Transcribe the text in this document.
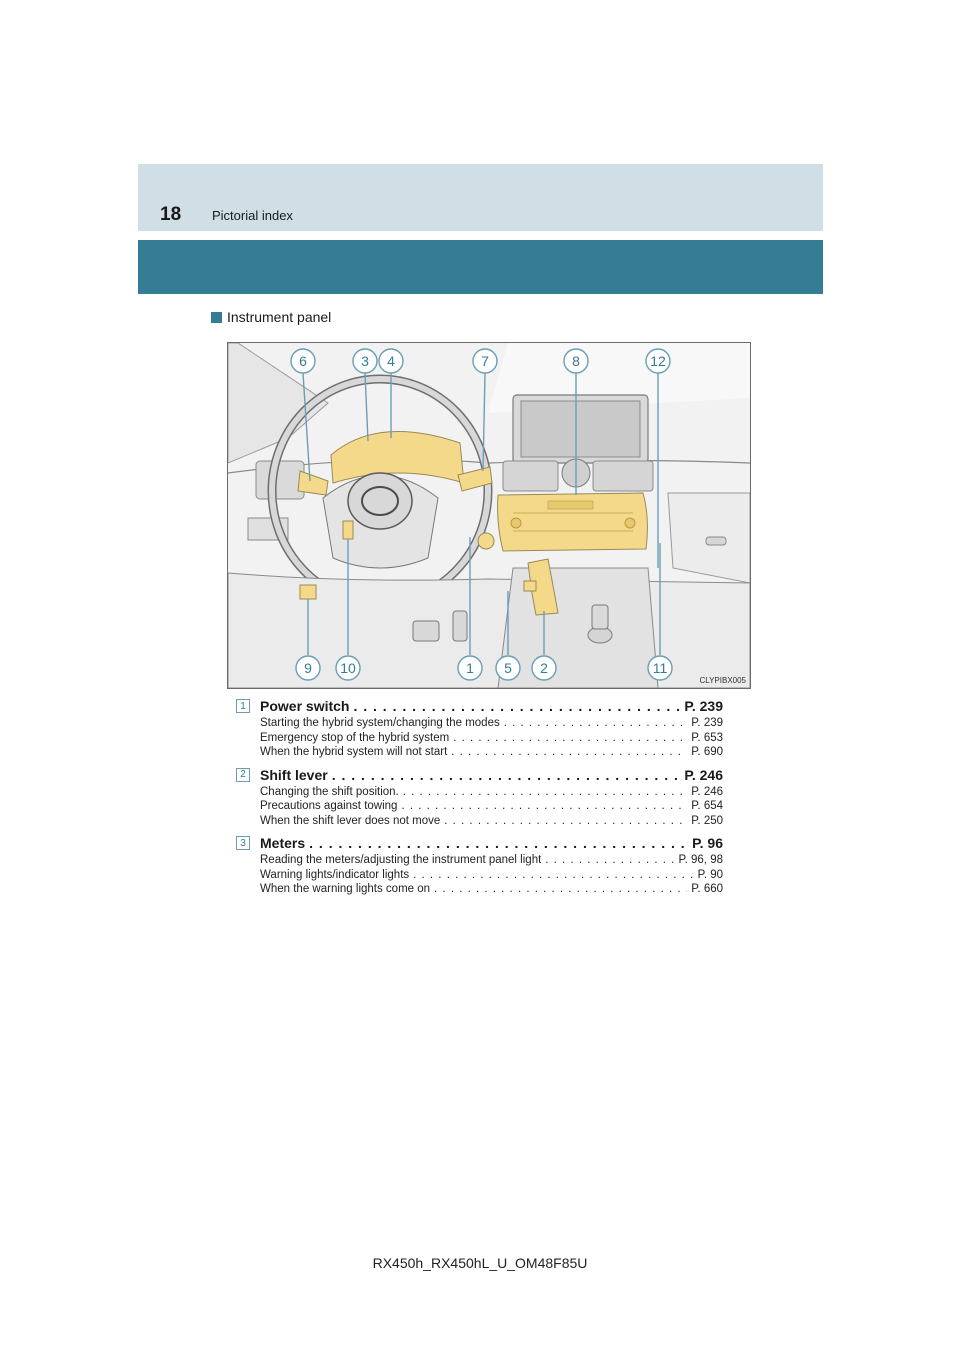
18 Pictorial index
Instrument panel
6	3 4	7	8	12
9 10	1 5 2	11
CLYPIBX005
1	Power switch . . .	P. 239
Starting the hybrid system/changing the modes . . .	P. 239
Emergency stop of the hybrid system . . .	P. 653
When the hybrid system will not start . . .	P. 690
2	Shift lever . . .	P. 246
Changing the shift position. . . .	P. 246
Precautions against towing . . .	P. 654
When the shift lever does not move . . .	P. 250
3	Meters . . .	P. 96
Reading the meters/adjusting the instrument panel light . . .	P. 96, 98
Warning lights/indicator lights . . .	P. 90
When the warning lights come on . . .	P. 660
RX450h_RX450hL_U_OM48F85U
